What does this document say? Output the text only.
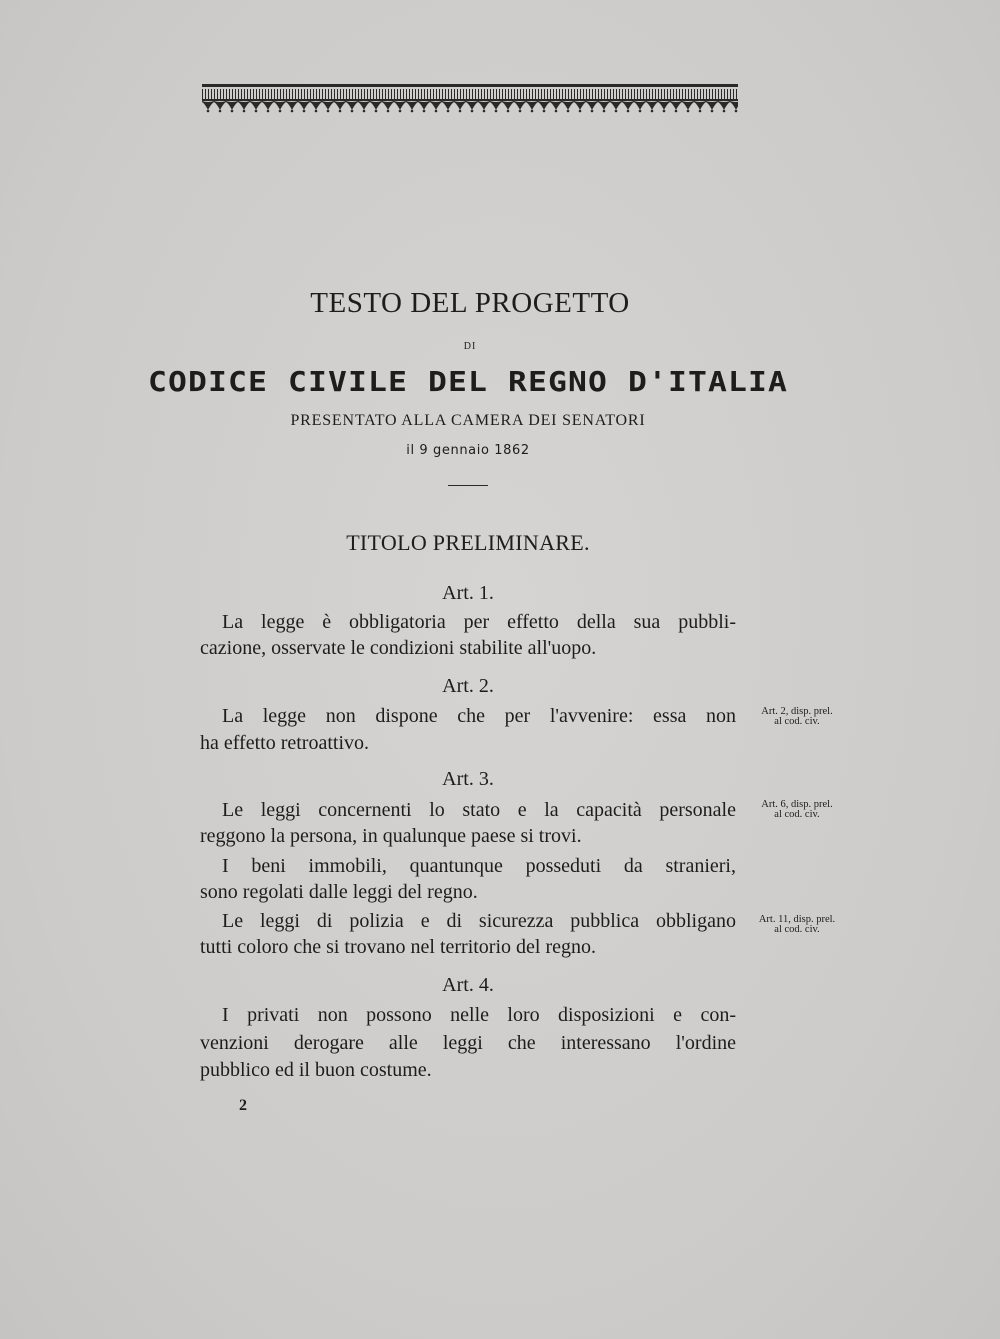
TESTO DEL PROGETTO
DI
CODICE CIVILE DEL REGNO D'ITALIA
PRESENTATO ALLA CAMERA DEI SENATORI
il 9 gennaio 1862
TITOLO PRELIMINARE.
Art. 1.
La legge è obbligatoria per effetto della sua pubbli-
cazione, osservate le condizioni stabilite all'uopo.
Art. 2.
La legge non dispone che per l'avvenire: essa non
ha effetto retroattivo.
Art. 2, disp. prel.
al cod. civ.
Art. 3.
Le leggi concernenti lo stato e la capacità personale
reggono la persona, in qualunque paese si trovi.
I beni immobili, quantunque posseduti da stranieri,
sono regolati dalle leggi del regno.
Le leggi di polizia e di sicurezza pubblica obbligano
tutti coloro che si trovano nel territorio del regno.
Art. 6, disp. prel.
al cod. civ.
Art. 11, disp. prel.
al cod. civ.
Art. 4.
I privati non possono nelle loro disposizioni e con-
venzioni derogare alle leggi che interessano l'ordine
pubblico ed il buon costume.
2
